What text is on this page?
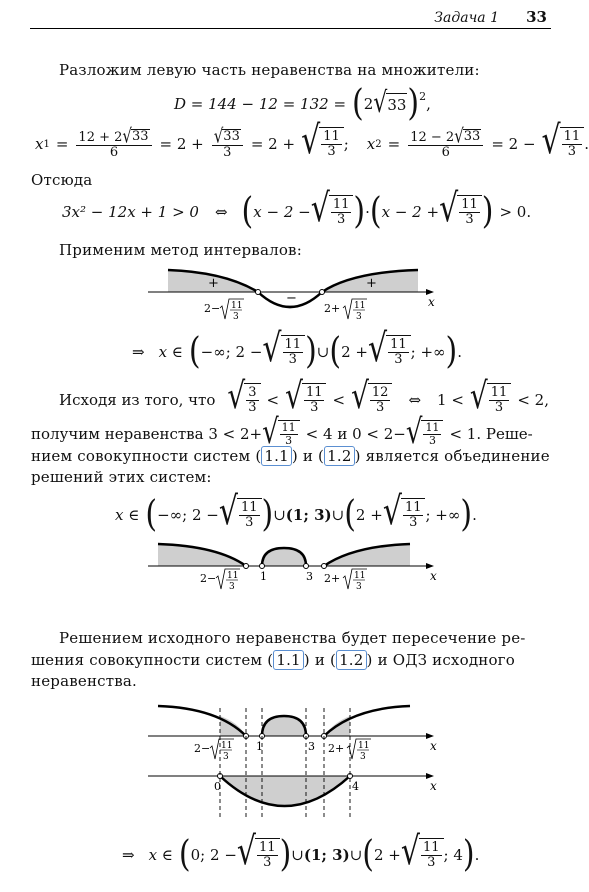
Задача 1 33
Разложим левую часть неравенства на множители:
D = 144 − 12 = 132 = ( 2 √ 33 )$^2$ ,
x $1 = \frac{12 + 2 √ 33}{6} = 2 + \frac{√ 33}{3} = 2$ + √ $\frac{11}{3}$ ; x $2 = \frac{12 - 2 √ 33}{6} = 2$ − √ $\frac{11}{3}$ .
Отсюда
3x² − 12x + 1 > 0 ⇔ ( x − 2 − √ $\frac{11}{3}$ ) · ( x − 2 + √ $\frac{11}{3}$ ) > 0.
Применим метод интервалов:
+
−
+
x
2− 11
3
2+ 11
3
⇒ x ∈ ( −∞; 2 − √ $\frac{11}{3}$ ) ∪ ( 2 + √ $\frac{11}{3}$ ; +∞ ) .
Исходя из того, что √ $\frac{3}{3}$ < √ $\frac{11}{3}$ < √ $\frac{12}{3}$ ⇔ 1 < √ $\frac{11}{3} < 2$,
получим неравенства 3 < 2+ √ $\frac{11}{3} < 4$ и 0 < 2− √ $\frac{11}{3} < 1$. Реше-
нием совокупности систем ( 1.1 ) и ( 1.2 ) является объединение
решений этих систем:
x ∈ ( −∞; 2 − √ $\frac{11}{3}$ ) ∪ (1; 3) ∪ ( 2 + √ $\frac{11}{3}$ ; +∞ ) .
1	3	x
2− 11
3
2+ 11
3
Решением исходного неравенства будет пересечение ре-
шения совокупности систем ( 1.1 ) и ( 1.2 ) и ОДЗ исходного
неравенства.
1	3	x
2− 11
3
2+ 11
3
0	4	x
⇒ x ∈ ( 0; 2 − √ $\frac{11}{3}$ ) ∪ (1; 3) ∪ ( 2 + √ $\frac{11}{3}$ ; 4 ) .
